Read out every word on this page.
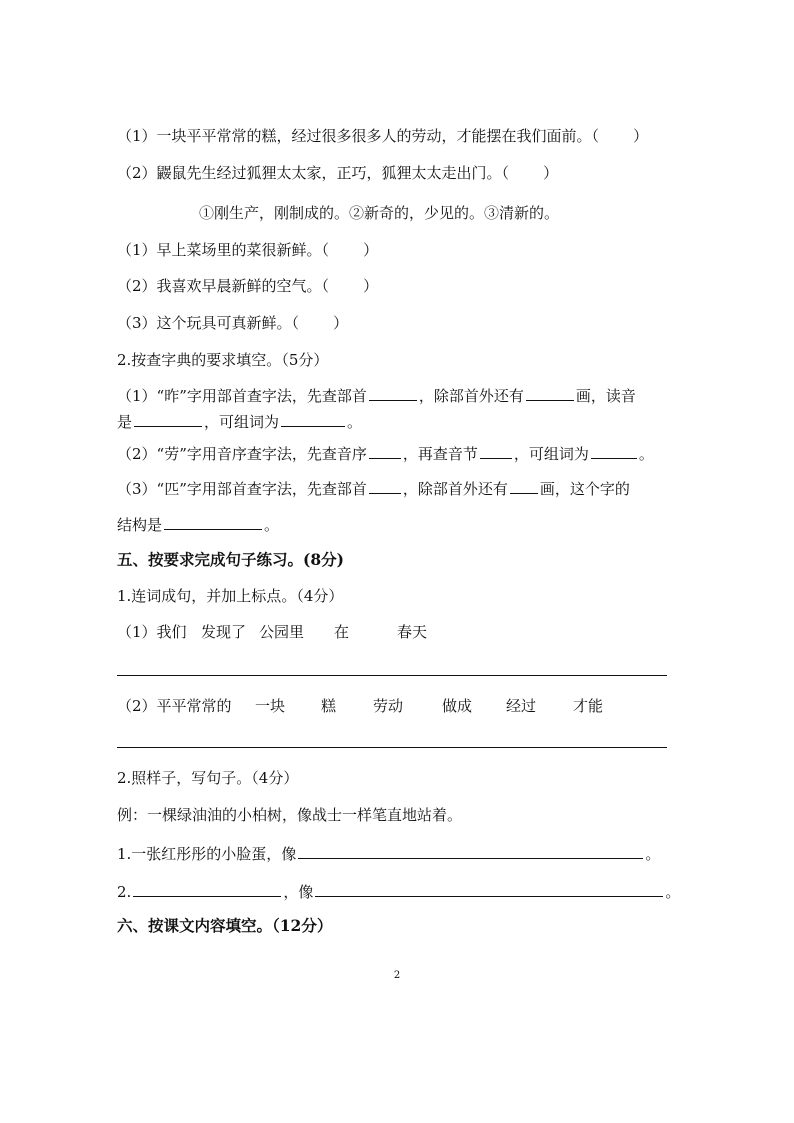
（1）一块平平常常的糕，经过很多很多人的劳动，才能摆在我们面前。（ ）
（2）鼹鼠先生经过狐狸太太家，正巧，狐狸太太走出门。（ ）
①刚生产，刚制成的。②新奇的，少见的。③清新的。
（1）早上菜场里的菜很新鲜。（ ）
（2）我喜欢早晨新鲜的空气。（ ）
（3）这个玩具可真新鲜。（ ）
2.按查字典的要求填空。（5分）
（1）“昨”字用部首查字法，先查部首	，除部首外还有	画，读音
是	，可组词为	。
（2）“劳”字用音序查字法，先查音序 ，再查音节 ，可组词为	。
（3）“匹”字用部首查字法，先查部首 ，除部首外还有 画，这个字的
结构是	。
五、按要求完成句子练习。(8分)
1.连词成句，并加上标点。（4分）
（1）我们 发现了 公园里 在	春天
（2）平平常常的 一块 糕 劳动	做成 经过 才能
2.照样子，写句子。（4分）
例：一棵绿油油的小柏树，像战士一样笔直地站着。
1.一张红彤彤的小脸蛋，像	。
2.	，像	。
六、按课文内容填空。（12分）
2
